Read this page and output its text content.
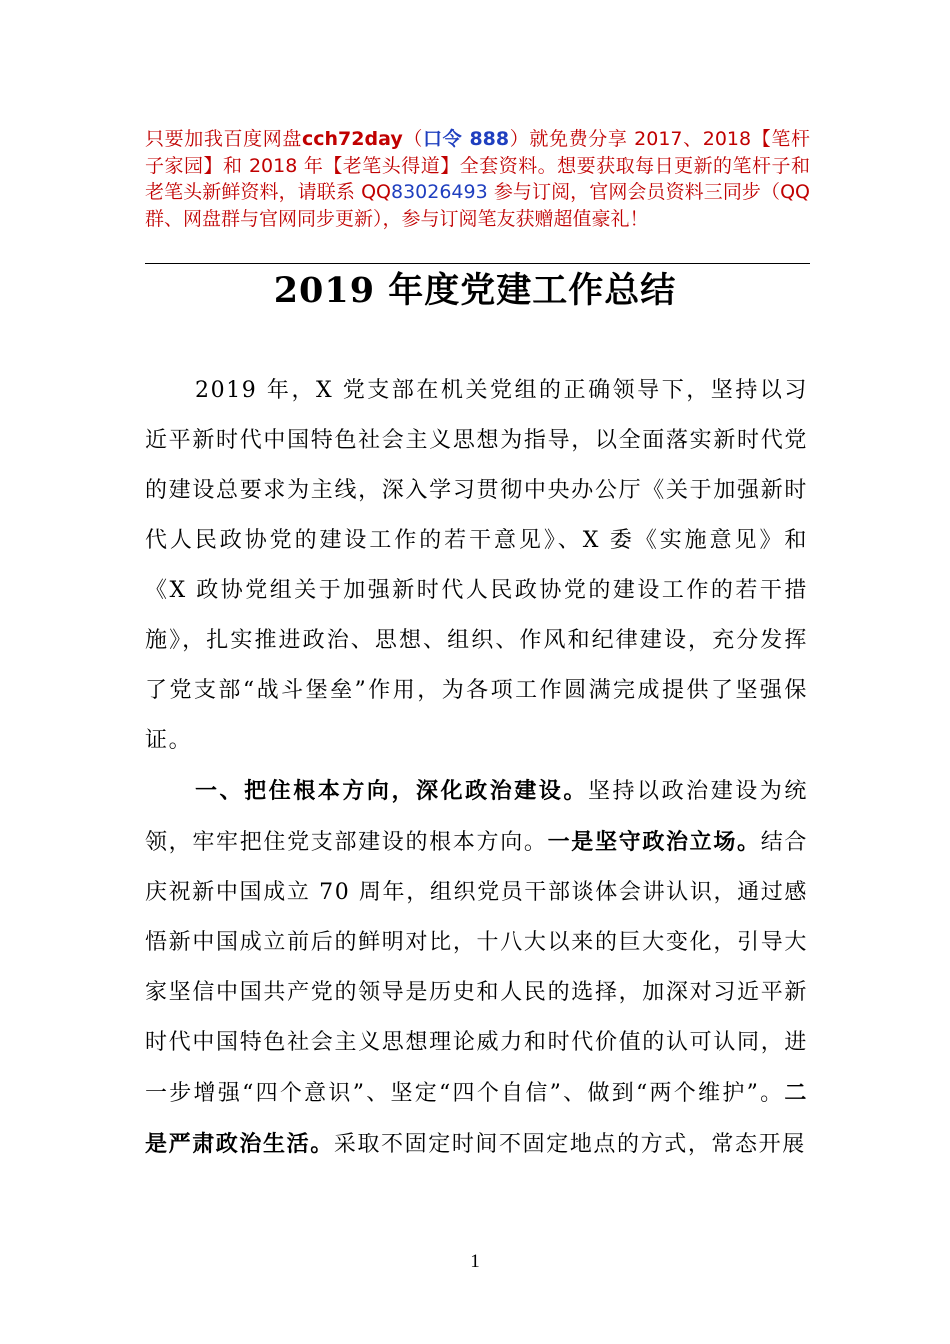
只要加我百度网盘cch72day（口令 888）就免费分享 2017、2018【笔杆子家园】和 2018 年【老笔头得道】全套资料。想要获取每日更新的笔杆子和老笔头新鲜资料，请联系 QQ83026493 参与订阅，官网会员资料三同步（QQ 群、网盘群与官网同步更新），参与订阅笔友获赠超值豪礼！
2019 年度党建工作总结

2019 年，X 党支部在机关党组的正确领导下，坚持以习近平新时代中国特色社会主义思想为指导，以全面落实新时代党的建设总要求为主线，深入学习贯彻中央办公厅《关于加强新时代人民政协党的建设工作的若干意见》、X 委《实施意见》和《X 政协党组关于加强新时代人民政协党的建设工作的若干措施》，扎实推进政治、思想、组织、作风和纪律建设，充分发挥了党支部“战斗堡垒”作用，为各项工作圆满完成提供了坚强保证。

一、把住根本方向，深化政治建设。坚持以政治建设为统领，牢牢把住党支部建设的根本方向。一是坚守政治立场。结合庆祝新中国成立 70 周年，组织党员干部谈体会讲认识，通过感悟新中国成立前后的鲜明对比，十八大以来的巨大变化，引导大家坚信中国共产党的领导是历史和人民的选择，加深对习近平新时代中国特色社会主义思想理论威力和时代价值的认可认同，进一步增强“四个意识”、坚定“四个自信”、做到“两个维护”。二是严肃政治生活。采取不固定时间不固定地点的方式，常态开展

1
